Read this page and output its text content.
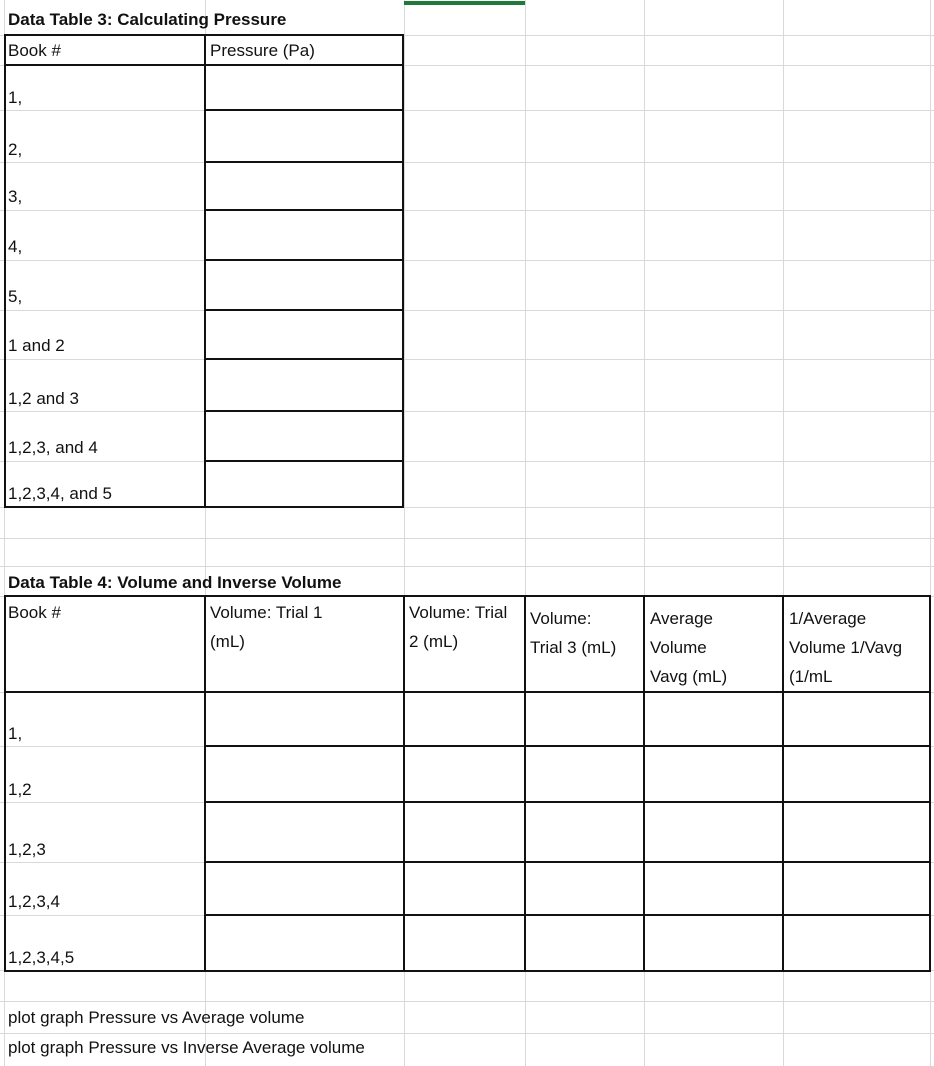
Data Table 3: Calculating Pressure
Book #	Pressure (Pa)
1,
2,
3,
4,
5,
1 and 2
1,2 and 3
1,2,3, and 4
1,2,3,4, and 5
Data Table 4: Volume and Inverse Volume
Book #	Volume: Trial 1 (mL)
Volume: Trial 2 (mL)
Volume: Trial 3 (mL)
Average Volume Vavg (mL)
1/Average Volume 1/Vavg (1/mL
1,
1,2
1,2,3
1,2,3,4
1,2,3,4,5
plot graph Pressure vs Average volume
plot graph Pressure vs Inverse Average volume
